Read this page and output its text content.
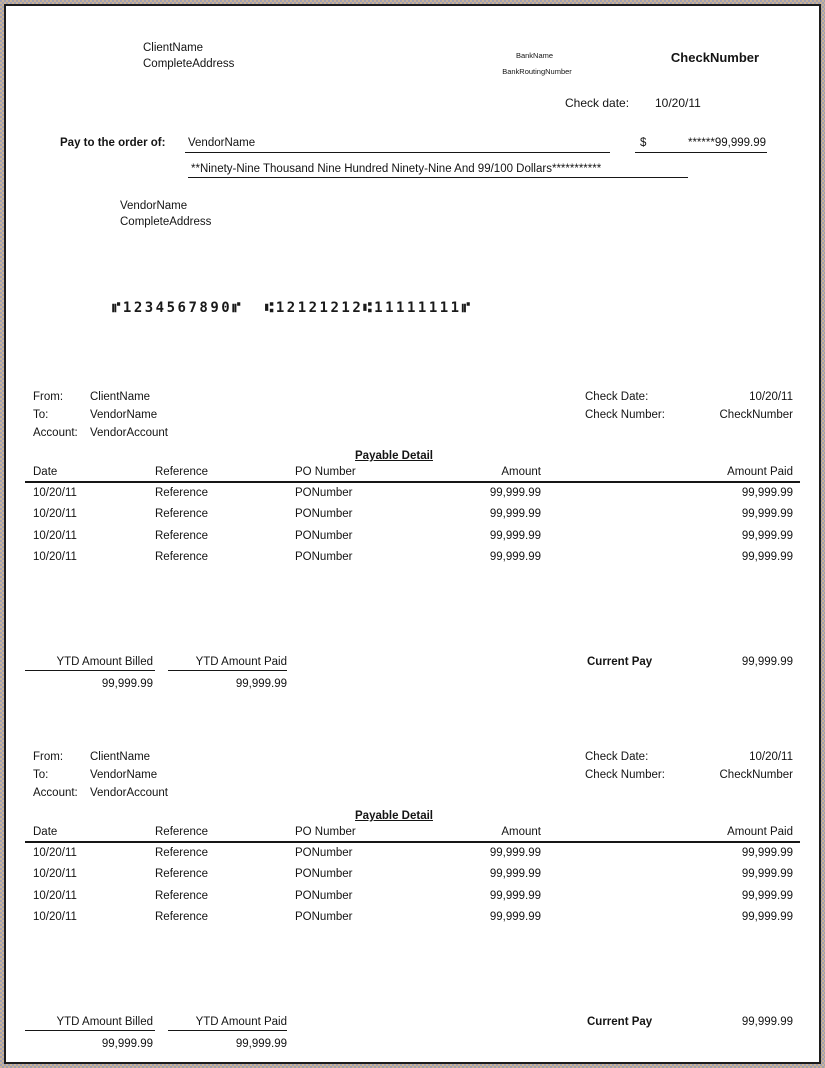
ClientName
CompleteAddress
BankName
BankRoutingNumber
CheckNumber
Check date: 10/20/11
Pay to the order of: VendorName	$	******99,999.99
**Ninety-Nine Thousand Nine Hundred Ninety-Nine And 99/100 Dollars***********
VendorName
CompleteAddress
⑈1234567890⑈  ⑆12121212⑆11111111⑈
From: ClientName
To:	VendorName
Account: VendorAccount
Check Date:	10/20/11
Check Number:	CheckNumber
Payable Detail
Date	Reference	PO Number	Amount	Amount Paid
10/20/11	Reference	PONumber	99,999.99	99,999.99
10/20/11	Reference	PONumber	99,999.99	99,999.99
10/20/11	Reference	PONumber	99,999.99	99,999.99
10/20/11	Reference	PONumber	99,999.99	99,999.99
YTD Amount Billed	YTD Amount Paid
99,999.99	99,999.99
Current Pay	99,999.99
From: ClientName
To:	VendorName
Account: VendorAccount
Check Date:	10/20/11
Check Number:	CheckNumber
Payable Detail
Date	Reference	PO Number	Amount	Amount Paid
10/20/11	Reference	PONumber	99,999.99	99,999.99
10/20/11	Reference	PONumber	99,999.99	99,999.99
10/20/11	Reference	PONumber	99,999.99	99,999.99
10/20/11	Reference	PONumber	99,999.99	99,999.99
YTD Amount Billed	YTD Amount Paid
99,999.99	99,999.99
Current Pay	99,999.99
